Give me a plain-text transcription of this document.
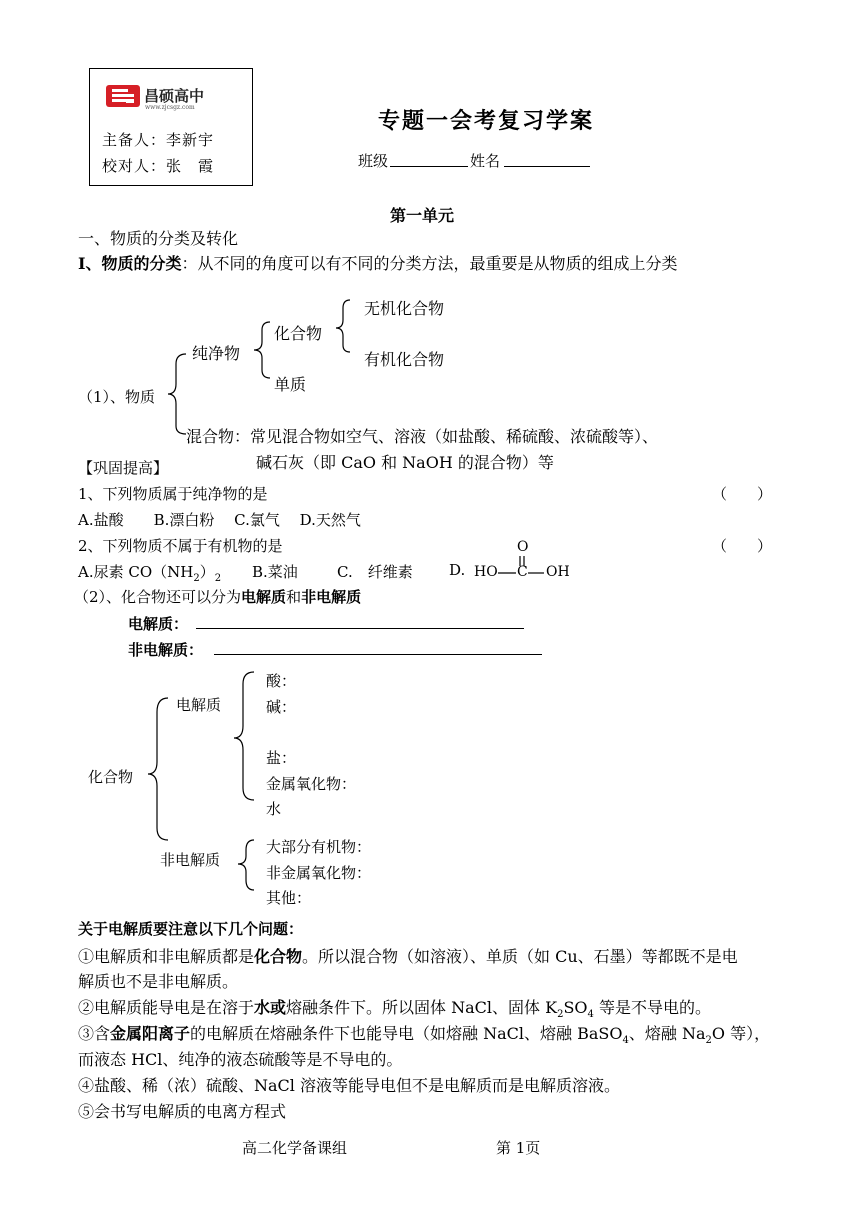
昌硕高中
www.zjcsgz.com
主备人：李新宇
校对人：张　霞
专题一会考复习学案
班级	姓名
第一单元
一、物质的分类及转化
Ⅰ、物质的分类：从不同的角度可以有不同的分类方法，最重要是从物质的组成上分类
无机化合物
化合物
纯净物	有机化合物
单质
（1）、物质
混合物：常见混合物如空气、溶液（如盐酸、稀硫酸、浓硫酸等）、
碱石灰（即 CaO 和 NaOH 的混合物）等
【巩固提高】
1、下列物质属于纯净物的是	（　　）
A.盐酸　　B.漂白粉　 C.氯气　 D.天然气
2、下列物质不属于有机物的是	（　　）
A.尿素 $CO(NH_2)_2$ B.菜油	C.　纤维素 D.
O
HO C OH
（2）、化合物还可以分为电解质和非电解质
电解质：
非电解质：
酸：
电解质	碱：
盐：
化合物	金属氧化物：
水
大部分有机物：
非电解质
非金属氧化物：
其他：
关于电解质要注意以下几个问题：
①电解质和非电解质都是化合物。所以混合物（如溶液）、单质（如 Cu、石墨）等都既不是电
解质也不是非电解质。
②电解质能导电是在溶于水或熔融条件下。所以固体 NaCl、固体 $K_2SO_4$ 等是不导电的。
③含金属阳离子的电解质在熔融条件下也能导电（如熔融 NaCl、熔融 BaSO$_4$、熔融 $Na_2O$ 等），
而液态 HCl、纯净的液态硫酸等是不导电的。
④盐酸、稀（浓）硫酸、NaCl 溶液等能导电但不是电解质而是电解质溶液。
⑤会书写电解质的电离方程式
高二化学备课组	第 1页
